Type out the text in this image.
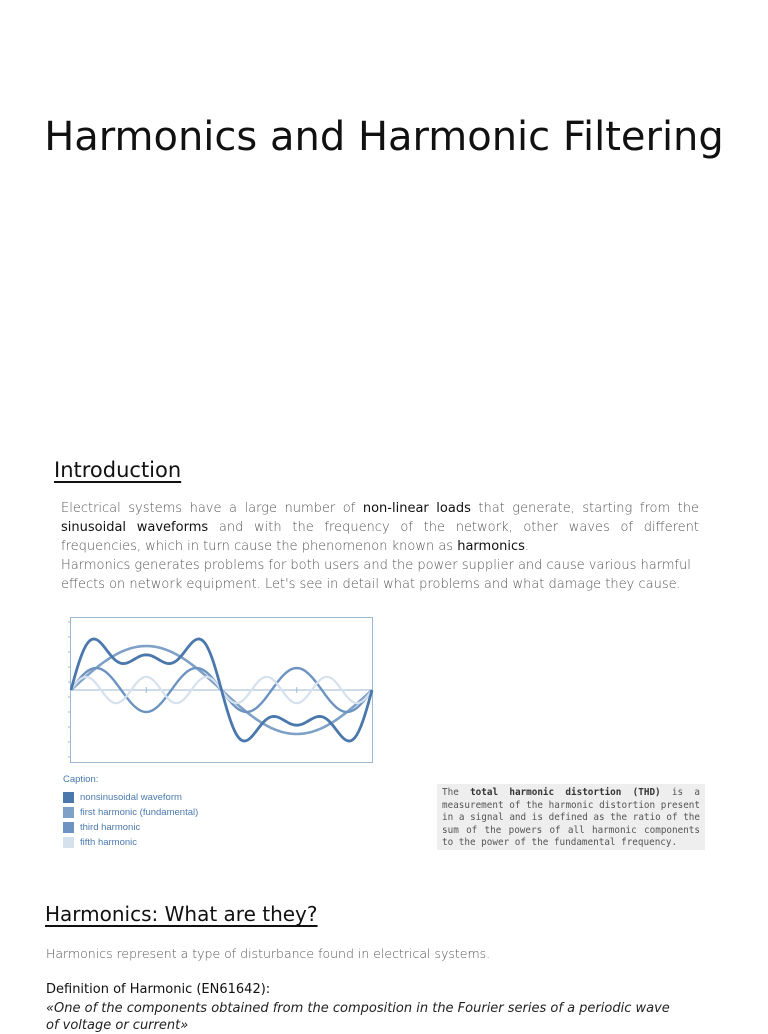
Harmonics and Harmonic Filtering
Introduction

Electrical systems have a large number of non-linear loads that generate, starting from the sinusoidal waveforms and with the frequency of the network, other waves of different frequencies, which in turn cause the phenomenon known as harmonics.
Harmonics generates problems for both users and the power supplier and cause various harmful effects on network equipment. Let's see in detail what problems and what damage they cause.

Caption:
nonsinusoidal waveform
first harmonic (fundamental)
third harmonic
fifth harmonic
The total harmonic distortion (THD) is a measurement of the harmonic distortion present in a signal and is defined as the ratio of the sum of the powers of all harmonic components to the power of the fundamental frequency.
Harmonics: What are they?

Harmonics represent a type of disturbance found in electrical systems.

Definition of Harmonic (EN61642):

«One of the components obtained from the composition in the Fourier series of a periodic wave of voltage or current»
